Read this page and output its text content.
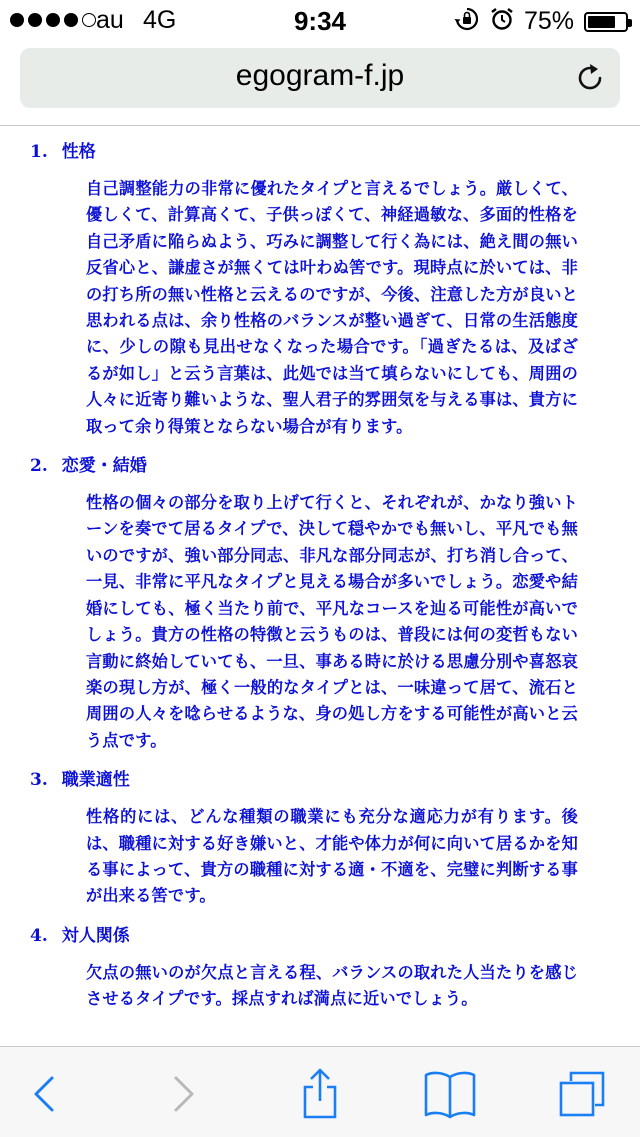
au 4G	9:34	75%
egogram-f.jp
1. 性格

自己調整能力の非常に優れたタイプと言えるでしょう。厳しくて、優しくて、計算高くて、子供っぽくて、神経過敏な、多面的性格を自己矛盾に陥らぬよう、巧みに調整して行く為には、絶え間の無い反省心と、謙虚さが無くては叶わぬ筈です。現時点に於いては、非の打ち所の無い性格と云えるのですが、今後、注意した方が良いと思われる点は、余り性格のバランスが整い過ぎて、日常の生活態度に、少しの隙も見出せなくなった場合です。「過ぎたるは、及ばざるが如し」と云う言葉は、此処では当て填らないにしても、周囲の人々に近寄り難いような、聖人君子的雰囲気を与える事は、貴方に取って余り得策とならない場合が有ります。

2. 恋愛・結婚

性格の個々の部分を取り上げて行くと、それぞれが、かなり強いトーンを奏でて居るタイプで、決して穏やかでも無いし、平凡でも無いのですが、強い部分同志、非凡な部分同志が、打ち消し合って、一見、非常に平凡なタイプと見える場合が多いでしょう。恋愛や結婚にしても、極く当たり前で、平凡なコースを辿る可能性が高いでしょう。貴方の性格の特徴と云うものは、普段には何の変哲もない言動に終始していても、一旦、事ある時に於ける思慮分別や喜怒哀楽の現し方が、極く一般的なタイプとは、一味違って居て、流石と周囲の人々を唸らせるような、身の処し方をする可能性が高いと云う点です。

3. 職業適性

性格的には、どんな種類の職業にも充分な適応力が有ります。後は、職種に対する好き嫌いと、才能や体力が何に向いて居るかを知る事によって、貴方の職種に対する適・不適を、完璧に判断する事が出来る筈です。

4. 対人関係

欠点の無いのが欠点と言える程、バランスの取れた人当たりを感じさせるタイプです。採点すれば満点に近いでしょう。
